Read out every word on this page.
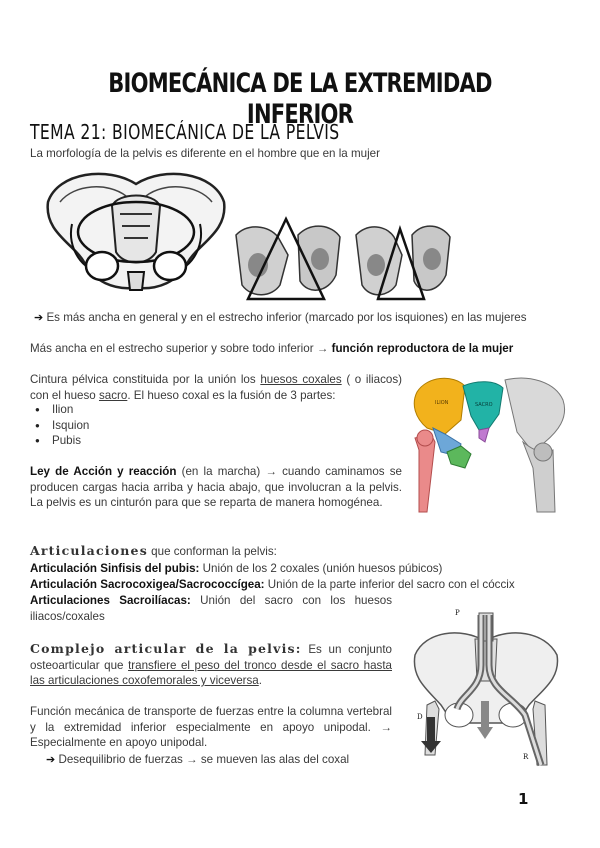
BIOMECÁNICA DE LA EXTREMIDAD INFERIOR
TEMA 21: BIOMECÁNICA DE LA PELVIS
La morfología de la pelvis es diferente en el hombre que en la mujer
➔ Es más ancha en general y en el estrecho inferior (marcado por los isquiones) en las mujeres
Más ancha en el estrecho superior y sobre todo inferior → función reproductora de la mujer
Cintura pélvica constituida por la unión los huesos coxales ( o iliacos) con el hueso sacro. El hueso coxal es la fusión de 3 partes:
● Ilion
● Isquion
● Pubis
ILION	SACRO
Ley de Acción y reacción (en la marcha) → cuando caminamos se producen cargas hacia arriba y hacia abajo, que involucran a la pelvis. La pelvis es un cinturón para que se reparta de manera homogénea.
Articulaciones que conforman la pelvis:
Articulación Sinfisis del pubis: Unión de los 2 coxales (unión huesos púbicos)
Articulación Sacrocoxigea/Sacrococcígea: Unión de la parte inferior del sacro con el cóccix
Articulaciones Sacroilíacas: Unión del sacro con los huesos iliacos/coxales
Complejo articular de la pelvis: Es un conjunto osteoarticular que transfiere el peso del tronco desde el sacro hasta las articulaciones coxofemorales y viceversa.
P
D
R
Función mecánica de transporte de fuerzas entre la columna vertebral y la extremidad inferior especialmente en apoyo unipodal. → Especialmente en apoyo unipodal.
➔ Desequilibrio de fuerzas → se mueven las alas del coxal
1
